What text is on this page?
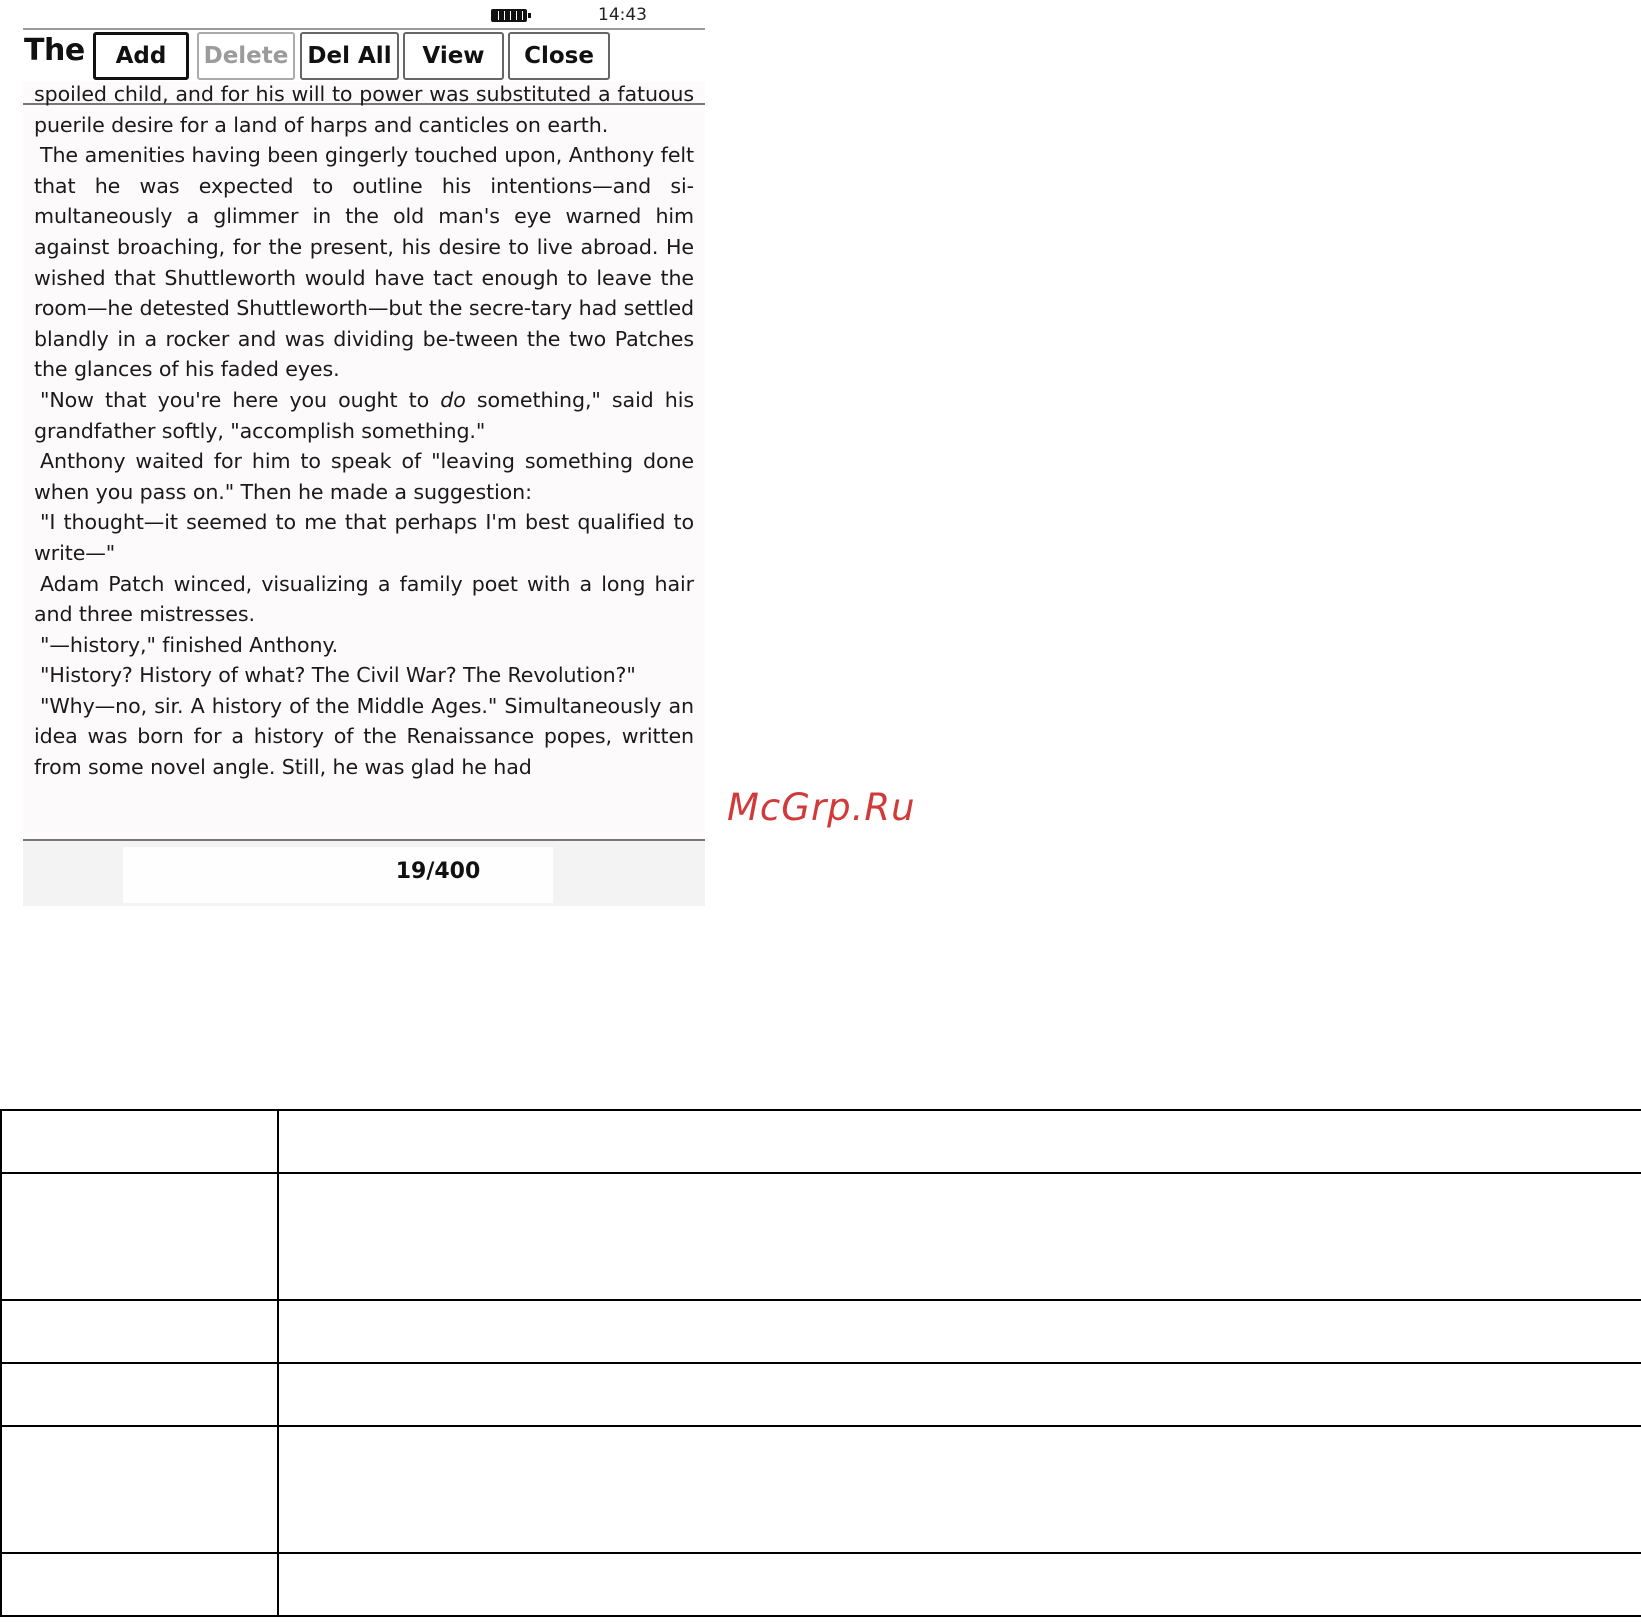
14:43
The	Add	Delete Del All	View	Close

spoiled child, and for his will to power was substituted a fatuous puerile desire for a land of harps and canticles on earth.

The amenities having been gingerly touched upon, Anthony felt that he was expected to outline his intentions—and si-multaneously a glimmer in the old man's eye warned him against broaching, for the present, his desire to live abroad. He wished that Shuttleworth would have tact enough to leave the room—he detested Shuttleworth—but the secre-tary had settled blandly in a rocker and was dividing be-tween the two Patches the glances of his faded eyes.

"Now that you're here you ought to do something," said his grandfather softly, "accomplish something."

Anthony waited for him to speak of "leaving something done when you pass on." Then he made a suggestion:

"I thought—it seemed to me that perhaps I'm best qualified to write—"

Adam Patch winced, visualizing a family poet with a long hair and three mistresses.

"—history," finished Anthony.

"History? History of what? The Civil War? The Revolution?"

"Why—no, sir. A history of the Middle Ages." Simultaneously an idea was born for a history of the Renaissance popes, written from some novel angle. Still, he was glad he had

19/400
McGrp.Ru
